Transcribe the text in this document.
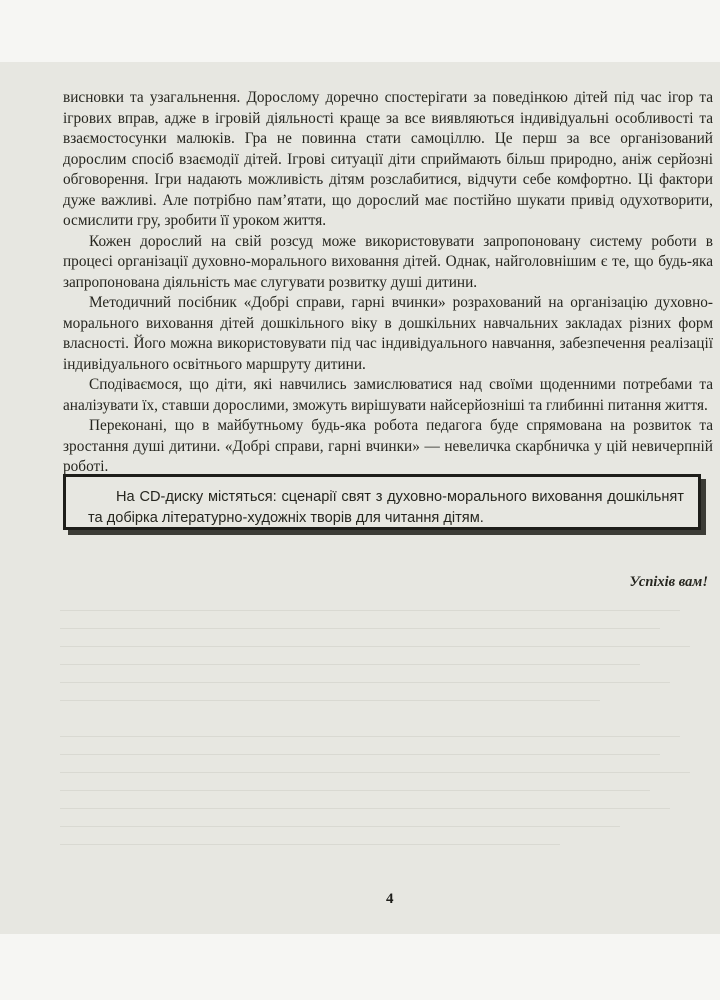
висновки та узагальнення. Дорослому доречно спостерігати за поведінкою дітей під час ігор та ігрових вправ, адже в ігровій діяльності краще за все виявляються індивідуальні особливості та взаємостосунки малюків. Гра не повинна стати самоціллю. Це перш за все організований дорослим спосіб взаємодії дітей. Ігрові ситуації діти сприймають більш природно, аніж серйозні обговорення. Ігри надають можливість дітям розслабитися, відчути себе комфортно. Ці фактори дуже важливі. Але потрібно пам’ятати, що дорослий має постійно шукати привід одухотворити, осмислити гру, зробити її уроком життя.

Кожен дорослий на свій розсуд може використовувати запропоновану систему роботи в процесі організації духовно-морального виховання дітей. Однак, найголовнішим є те, що будь-яка запропонована діяльність має слугувати розвитку душі дитини.

Методичний посібник «Добрі справи, гарні вчинки» розрахований на організацію духовно-морального виховання дітей дошкільного віку в дошкільних навчальних закладах різних форм власності. Його можна використовувати під час індивідуального навчання, забезпечення реалізації індивідуального освітнього маршруту дитини.

Сподіваємося, що діти, які навчились замислюватися над своїми щоденними потребами та аналізувати їх, ставши дорослими, зможуть вирішувати найсерйозніші та глибинні питання життя.

Переконані, що в майбутньому будь-яка робота педагога буде спрямована на розвиток та зростання душі дитини. «Добрі справи, гарні вчинки» — невеличка скарбничка у цій невичерпній роботі.

На CD-диску містяться: сценарії свят з духовно-морального виховання дошкільнят та добірка літературно-художніх творів для читання дітям.

Успіхів вам!
4
